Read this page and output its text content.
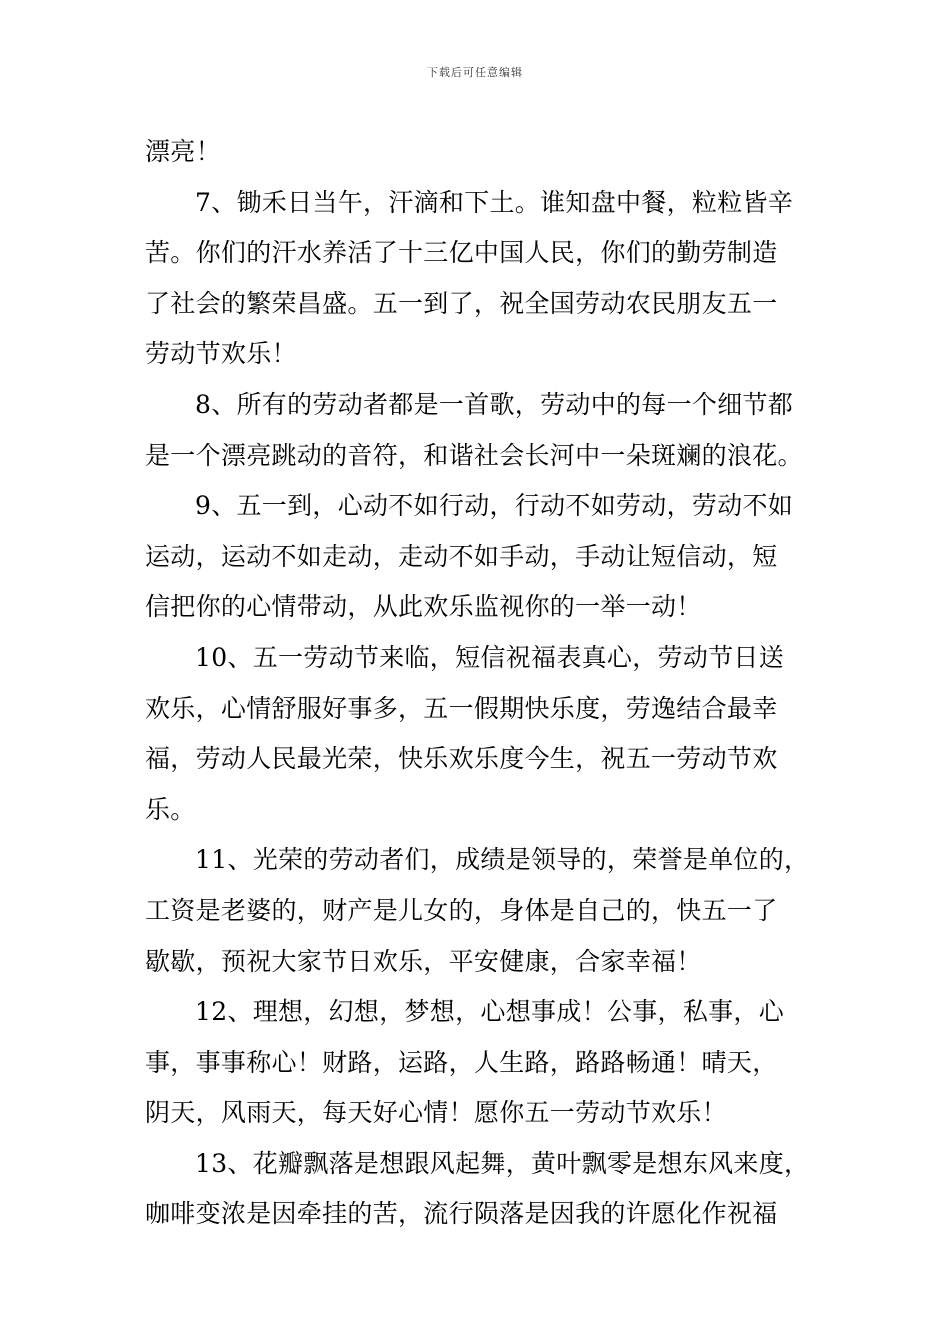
下载后可任意编辑
漂亮！
7、锄禾日当午，汗滴和下土。谁知盘中餐，粒粒皆辛
苦。你们的汗水养活了十三亿中国人民，你们的勤劳制造
了社会的繁荣昌盛。五一到了，祝全国劳动农民朋友五一
劳动节欢乐！
8、所有的劳动者都是一首歌，劳动中的每一个细节都
是一个漂亮跳动的音符，和谐社会长河中一朵斑斓的浪花。
9、五一到，心动不如行动，行动不如劳动，劳动不如
运动，运动不如走动，走动不如手动，手动让短信动，短
信把你的心情带动，从此欢乐监视你的一举一动！
10、五一劳动节来临，短信祝福表真心，劳动节日送
欢乐，心情舒服好事多，五一假期快乐度，劳逸结合最幸
福，劳动人民最光荣，快乐欢乐度今生，祝五一劳动节欢
乐。
11、光荣的劳动者们，成绩是领导的，荣誉是单位的，
工资是老婆的，财产是儿女的，身体是自己的，快五一了
歇歇，预祝大家节日欢乐，平安健康，合家幸福！
12、理想，幻想，梦想，心想事成！公事，私事，心
事，事事称心！财路，运路，人生路，路路畅通！晴天，
阴天，风雨天，每天好心情！愿你五一劳动节欢乐！
13、花瓣飘落是想跟风起舞，黄叶飘零是想东风来度，
咖啡变浓是因牵挂的苦，流行陨落是因我的许愿化作祝福
